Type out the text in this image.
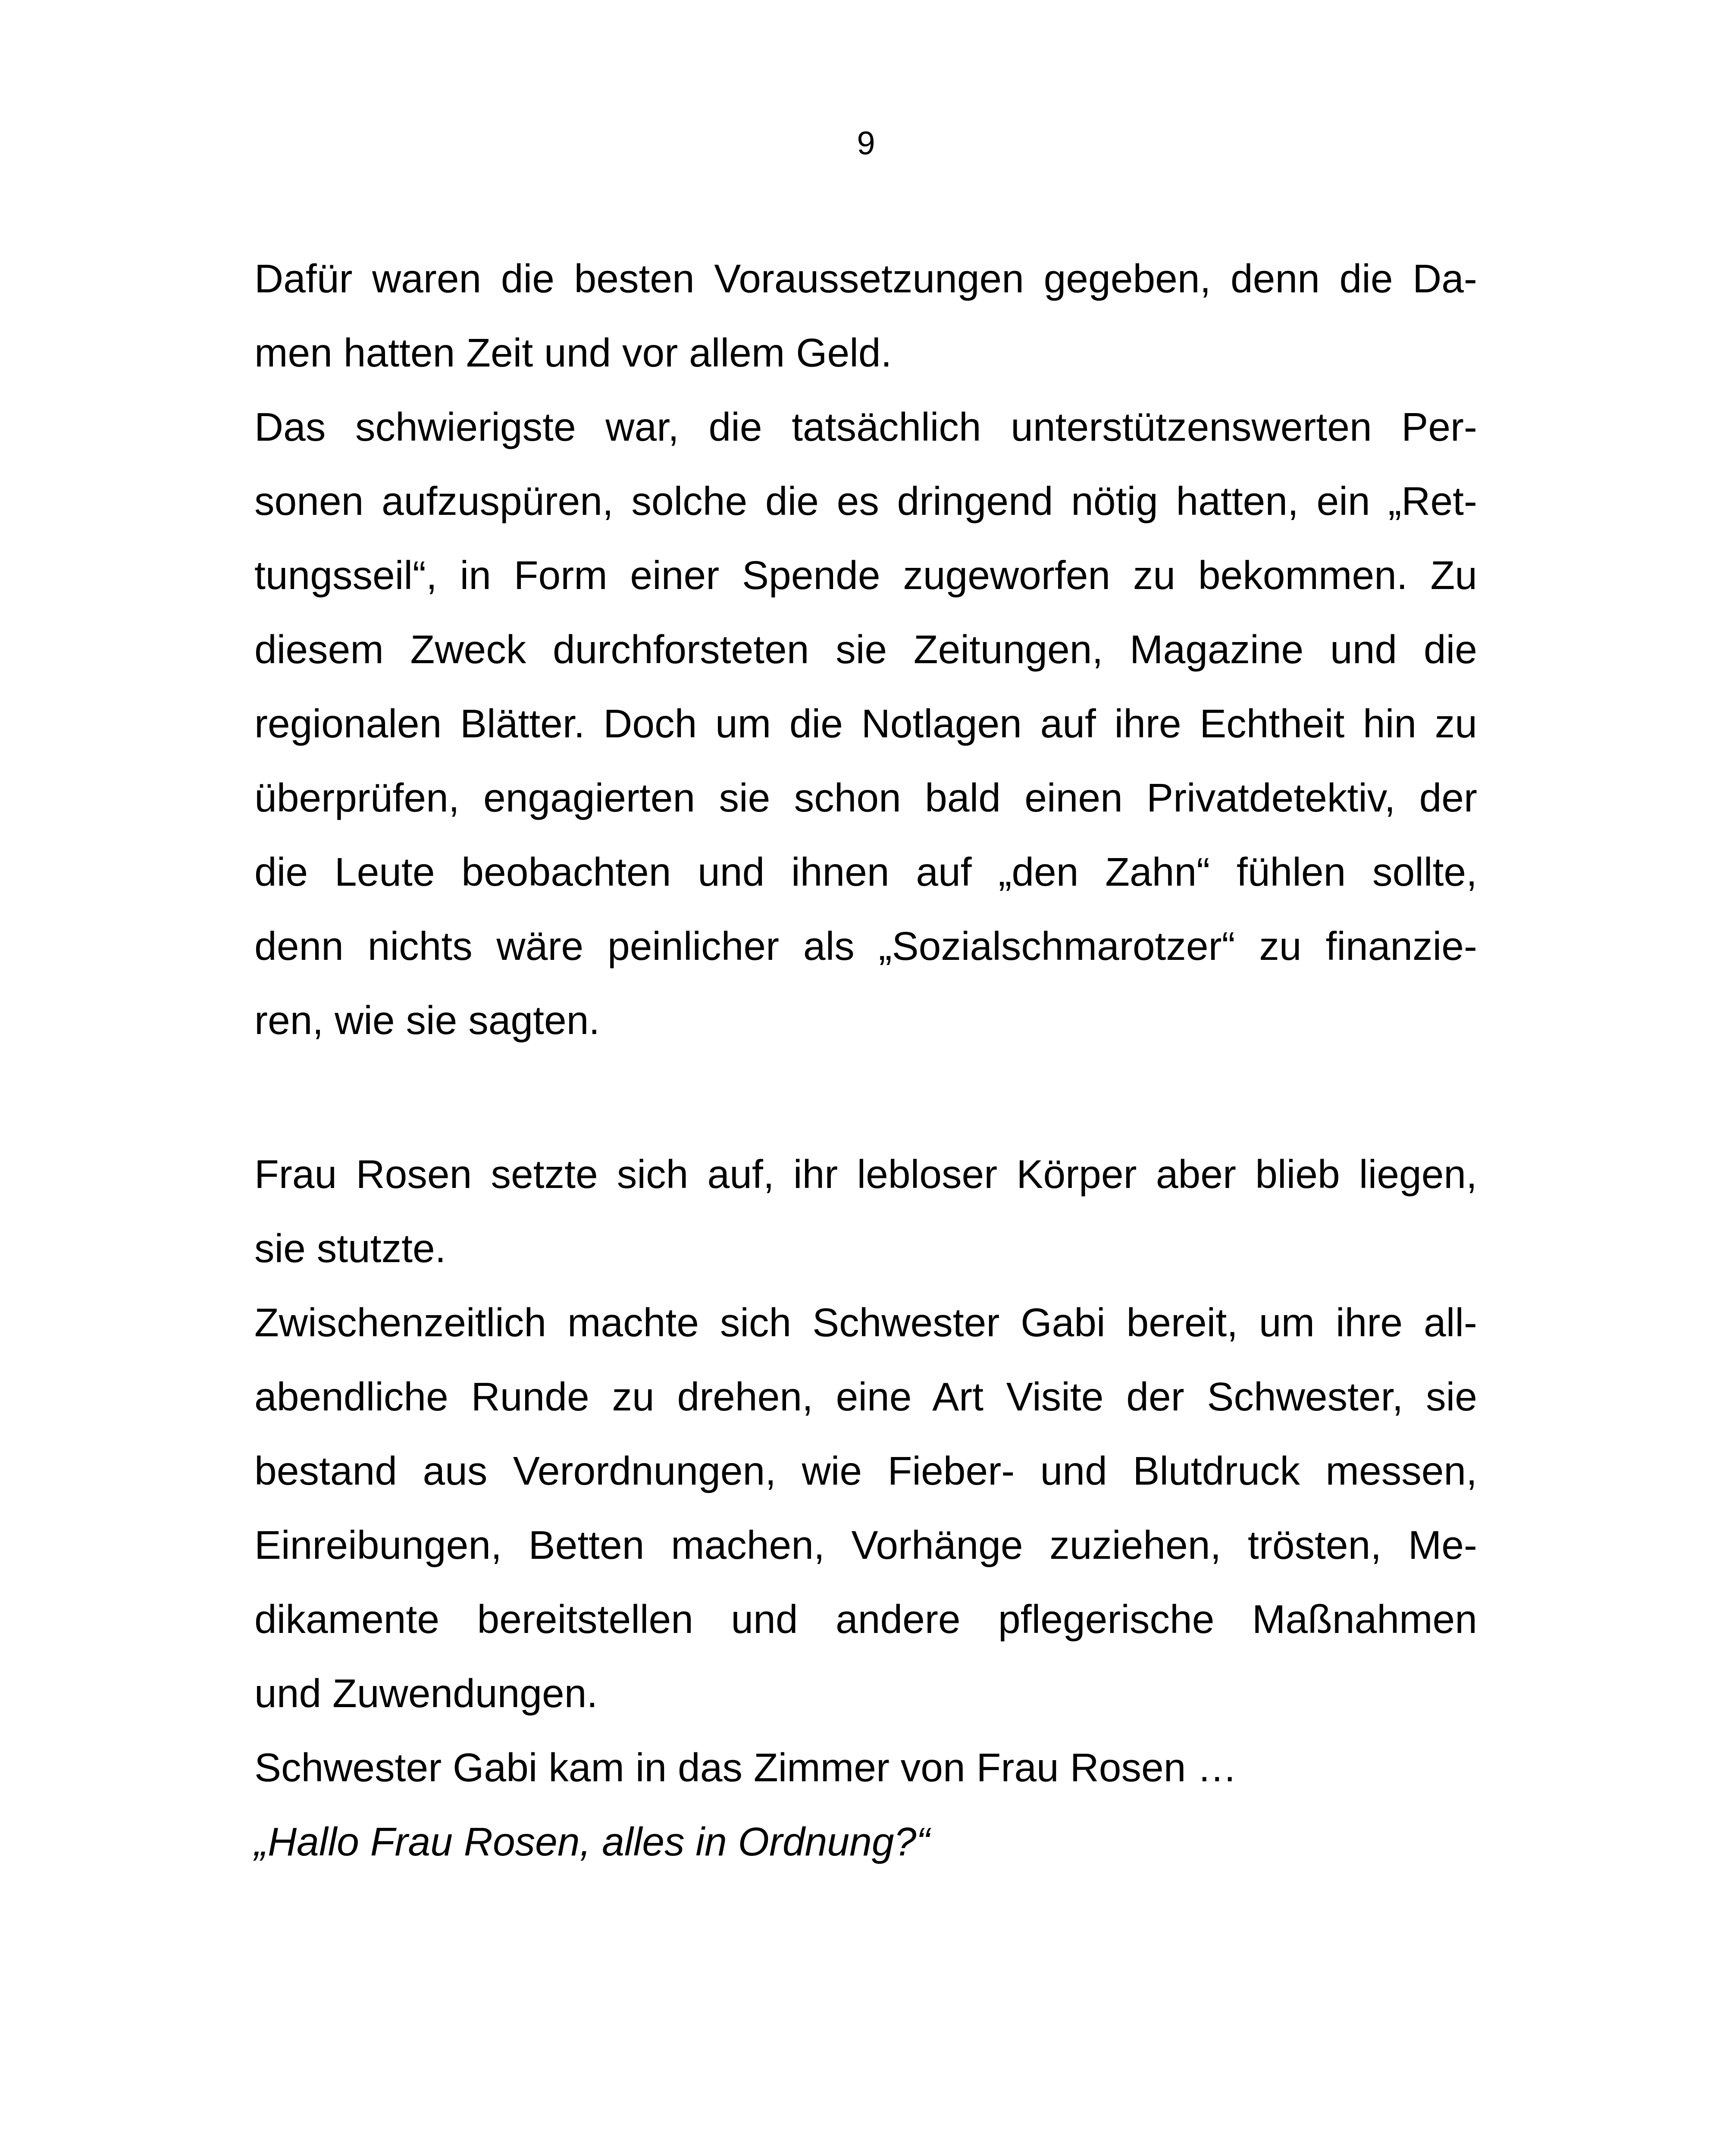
9
Dafür waren die besten Voraussetzungen gegeben, denn die Da-
men hatten Zeit und vor allem Geld.
Das schwierigste war, die tatsächlich unterstützenswerten Per-
sonen aufzuspüren, solche die es dringend nötig hatten, ein „Ret-
tungsseil“, in Form einer Spende zugeworfen zu bekommen. Zu
diesem Zweck durchforsteten sie Zeitungen, Magazine und die
regionalen Blätter. Doch um die Notlagen auf ihre Echtheit hin zu
überprüfen, engagierten sie schon bald einen Privatdetektiv, der
die Leute beobachten und ihnen auf „den Zahn“ fühlen sollte,
denn nichts wäre peinlicher als „Sozialschmarotzer“ zu finanzie-
ren, wie sie sagten.
Frau Rosen setzte sich auf, ihr lebloser Körper aber blieb liegen,
sie stutzte.
Zwischenzeitlich machte sich Schwester Gabi bereit, um ihre all-
abendliche Runde zu drehen, eine Art Visite der Schwester, sie
bestand aus Verordnungen, wie Fieber- und Blutdruck messen,
Einreibungen, Betten machen, Vorhänge zuziehen, trösten, Me-
dikamente bereitstellen und andere pflegerische Maßnahmen
und Zuwendungen.
Schwester Gabi kam in das Zimmer von Frau Rosen …
„Hallo Frau Rosen, alles in Ordnung?“
